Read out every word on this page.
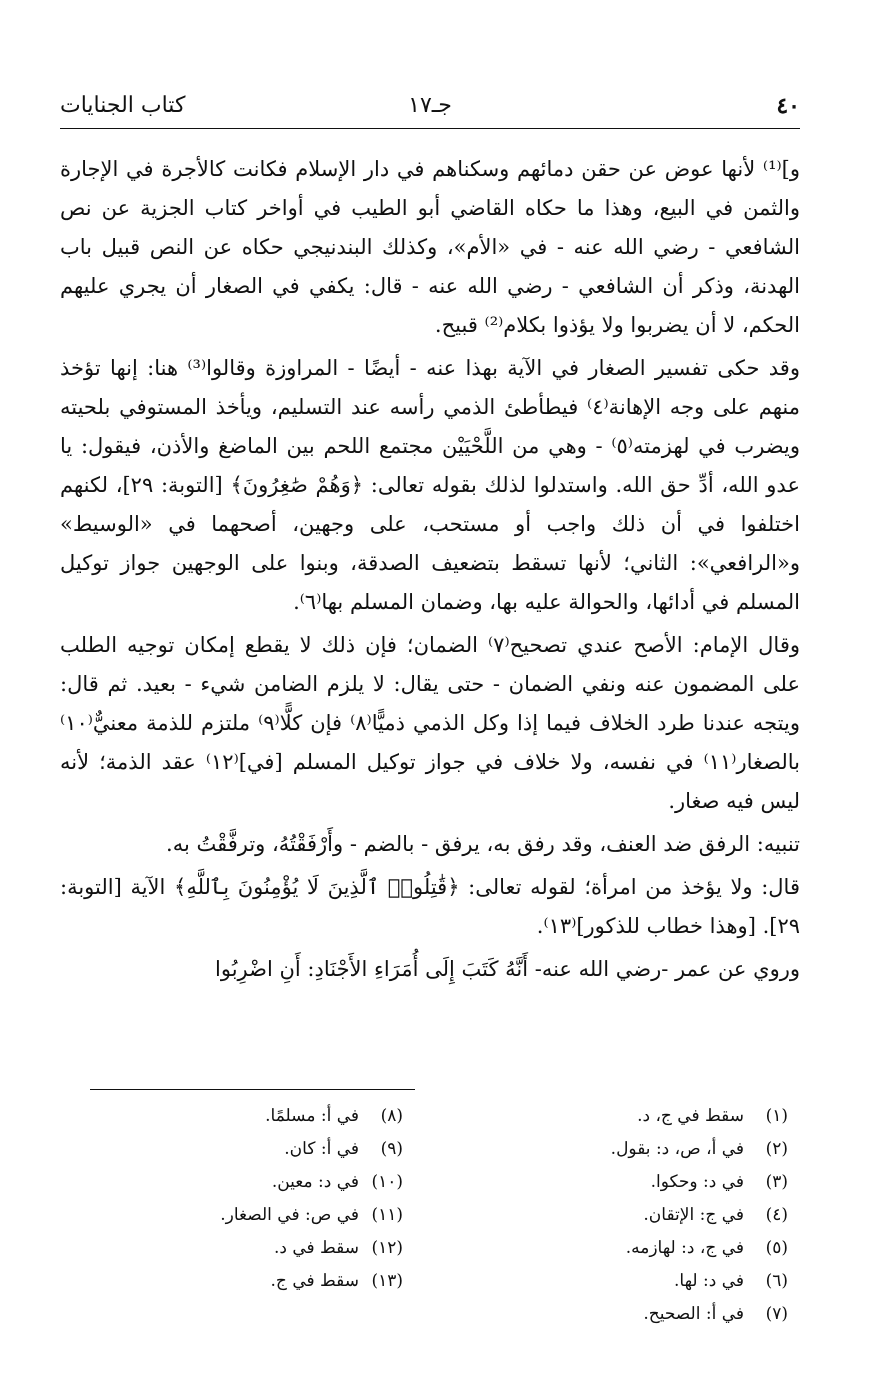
٤٠
جـ١٧
كتاب الجنايات

و]⁽¹⁾ لأنها عوض عن حقن دمائهم وسكناهم في دار الإسلام فكانت كالأجرة في الإجارة والثمن في البيع، وهذا ما حكاه القاضي أبو الطيب في أواخر كتاب الجزية عن نص الشافعي - رضي الله عنه - في «الأم»، وكذلك البندنيجي حكاه عن النص قبيل باب الهدنة، وذكر أن الشافعي - رضي الله عنه - قال: يكفي في الصغار أن يجري عليهم الحكم، لا أن يضربوا ولا يؤذوا بكلام⁽²⁾ قبيح.

وقد حكى تفسير الصغار في الآية بهذا عنه - أيضًا - المراوزة وقالوا⁽³⁾ هنا: إنها تؤخذ منهم على وجه الإهانة⁽٤⁾ فيطأطئ الذمي رأسه عند التسليم، ويأخذ المستوفي بلحيته ويضرب في لهزمته⁽٥⁾ - وهي من اللَّحْيَيْن مجتمع اللحم بين الماضغ والأذن، فيقول: يا عدو الله، أدِّ حق الله. واستدلوا لذلك بقوله تعالى: ﴿وَهُمْ صَٰغِرُونَ﴾ [التوبة: ٢٩]، لكنهم اختلفوا في أن ذلك واجب أو مستحب، على وجهين، أصحهما في «الوسيط» و«الرافعي»: الثاني؛ لأنها تسقط بتضعيف الصدقة، وبنوا على الوجهين جواز توكيل المسلم في أدائها، والحوالة عليه بها، وضمان المسلم بها⁽٦⁾.

وقال الإمام: الأصح عندي تصحيح⁽٧⁾ الضمان؛ فإن ذلك لا يقطع إمكان توجيه الطلب على المضمون عنه ونفي الضمان - حتى يقال: لا يلزم الضامن شيء - بعيد. ثم قال: ويتجه عندنا طرد الخلاف فيما إذا وكل الذمي ذميًّا⁽٨⁾ فإن كلًّا⁽٩⁾ ملتزم للذمة معنيٌّ⁽١٠⁾ بالصغار⁽١١⁾ في نفسه، ولا خلاف في جواز توكيل المسلم [في]⁽١٢⁾ عقد الذمة؛ لأنه ليس فيه صغار.

تنبيه: الرفق ضد العنف، وقد رفق به، يرفق - بالضم - وأَرْفَقْتُهُ، وترفَّقْتُ به.

قال: ولا يؤخذ من امرأة؛ لقوله تعالى: ﴿قَٰتِلُوا۟ ٱلَّذِينَ لَا يُؤْمِنُونَ بِٱللَّهِ﴾ الآية [التوبة: ٢٩]. [وهذا خطاب للذكور]⁽١٣⁾.

وروي عن عمر -رضي الله عنه- أَنَّهُ كَتَبَ إِلَى أُمَرَاءِ الأَجْنَادِ: أَنِ اضْرِبُوا

(١)سقط في ج، د.
(٢)في أ، ص، د: بقول.
(٣)في د: وحكوا.
(٤)في ج: الإتقان.
(٥)في ج، د: لهازمه.
(٦)في د: لها.
(٧)في أ: الصحيح.
(٨)في أ: مسلمًا.
(٩)في أ: كان.
(١٠)في د: معين.
(١١)في ص: في الصغار.
(١٢)سقط في د.
(١٣)سقط في ج.
